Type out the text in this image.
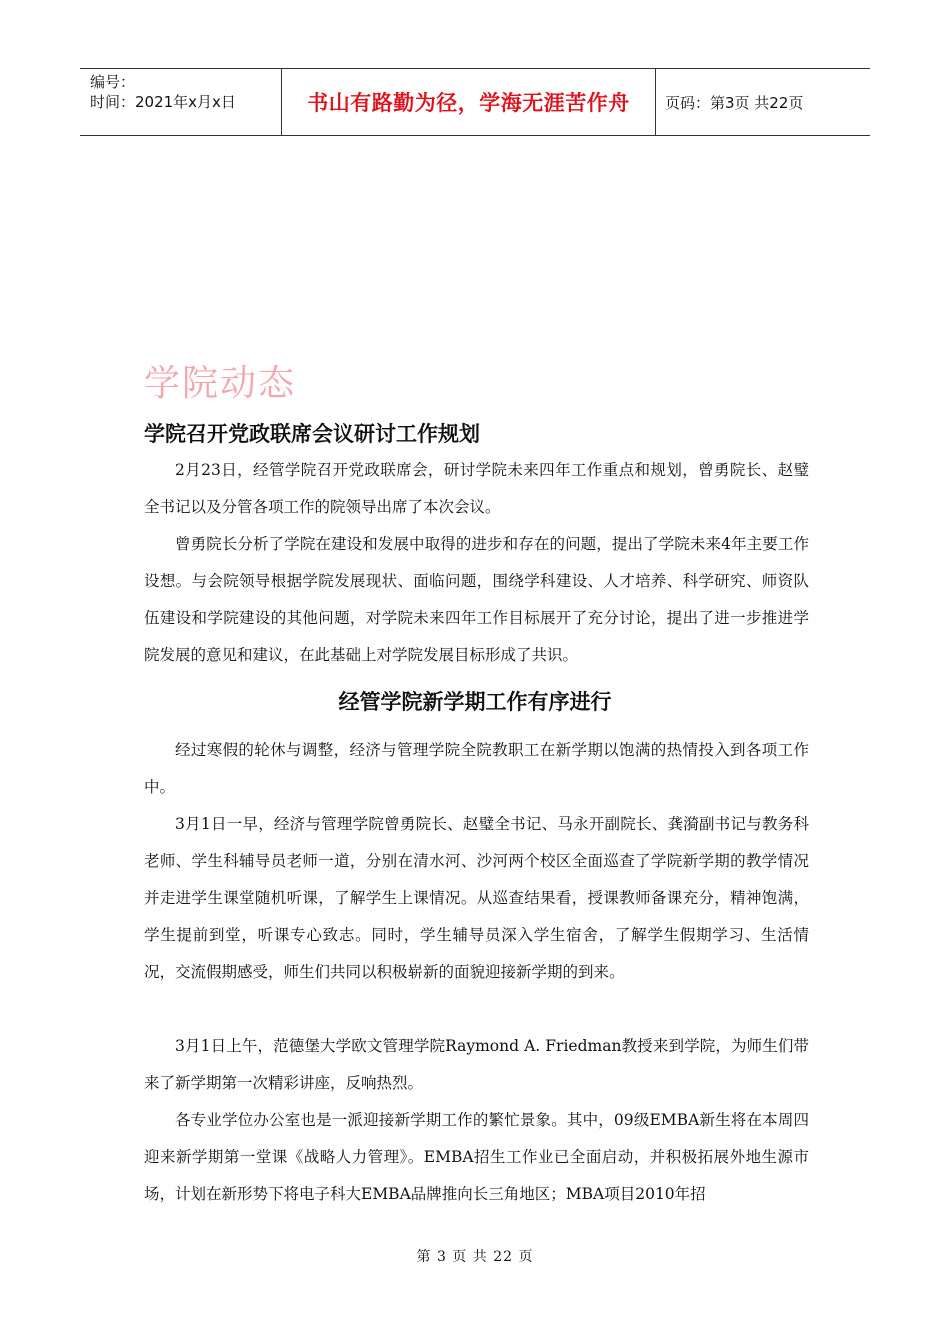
编号：
时间：2021年x月x日	书山有路勤为径，学海无涯苦作舟	页码：第3页 共22页
学院动态
学院召开党政联席会议研讨工作规划
2月23日，经管学院召开党政联席会，研讨学院未来四年工作重点和规划，曾勇院长、赵璧全书记以及分管各项工作的院领导出席了本次会议。
曾勇院长分析了学院在建设和发展中取得的进步和存在的问题，提出了学院未来4年主要工作设想。与会院领导根据学院发展现状、面临问题，围绕学科建设、人才培养、科学研究、师资队伍建设和学院建设的其他问题，对学院未来四年工作目标展开了充分讨论，提出了进一步推进学院发展的意见和建议，在此基础上对学院发展目标形成了共识。
经管学院新学期工作有序进行
经过寒假的轮休与调整，经济与管理学院全院教职工在新学期以饱满的热情投入到各项工作中。
3月1日一早，经济与管理学院曾勇院长、赵璧全书记、马永开副院长、龚漪副书记与教务科老师、学生科辅导员老师一道，分别在清水河、沙河两个校区全面巡查了学院新学期的教学情况并走进学生课堂随机听课，了解学生上课情况。从巡查结果看，授课教师备课充分，精神饱满，学生提前到堂，听课专心致志。同时，学生辅导员深入学生宿舍，了解学生假期学习、生活情况，交流假期感受，师生们共同以积极崭新的面貌迎接新学期的到来。
3月1日上午，范德堡大学欧文管理学院Raymond A. Friedman教授来到学院，为师生们带来了新学期第一次精彩讲座，反响热烈。
各专业学位办公室也是一派迎接新学期工作的繁忙景象。其中，09级EMBA新生将在本周四迎来新学期第一堂课《战略人力管理》。EMBA招生工作业已全面启动，并积极拓展外地生源市场，计划在新形势下将电子科大EMBA品牌推向长三角地区；MBA项目2010年招
第 3 页 共 22 页
